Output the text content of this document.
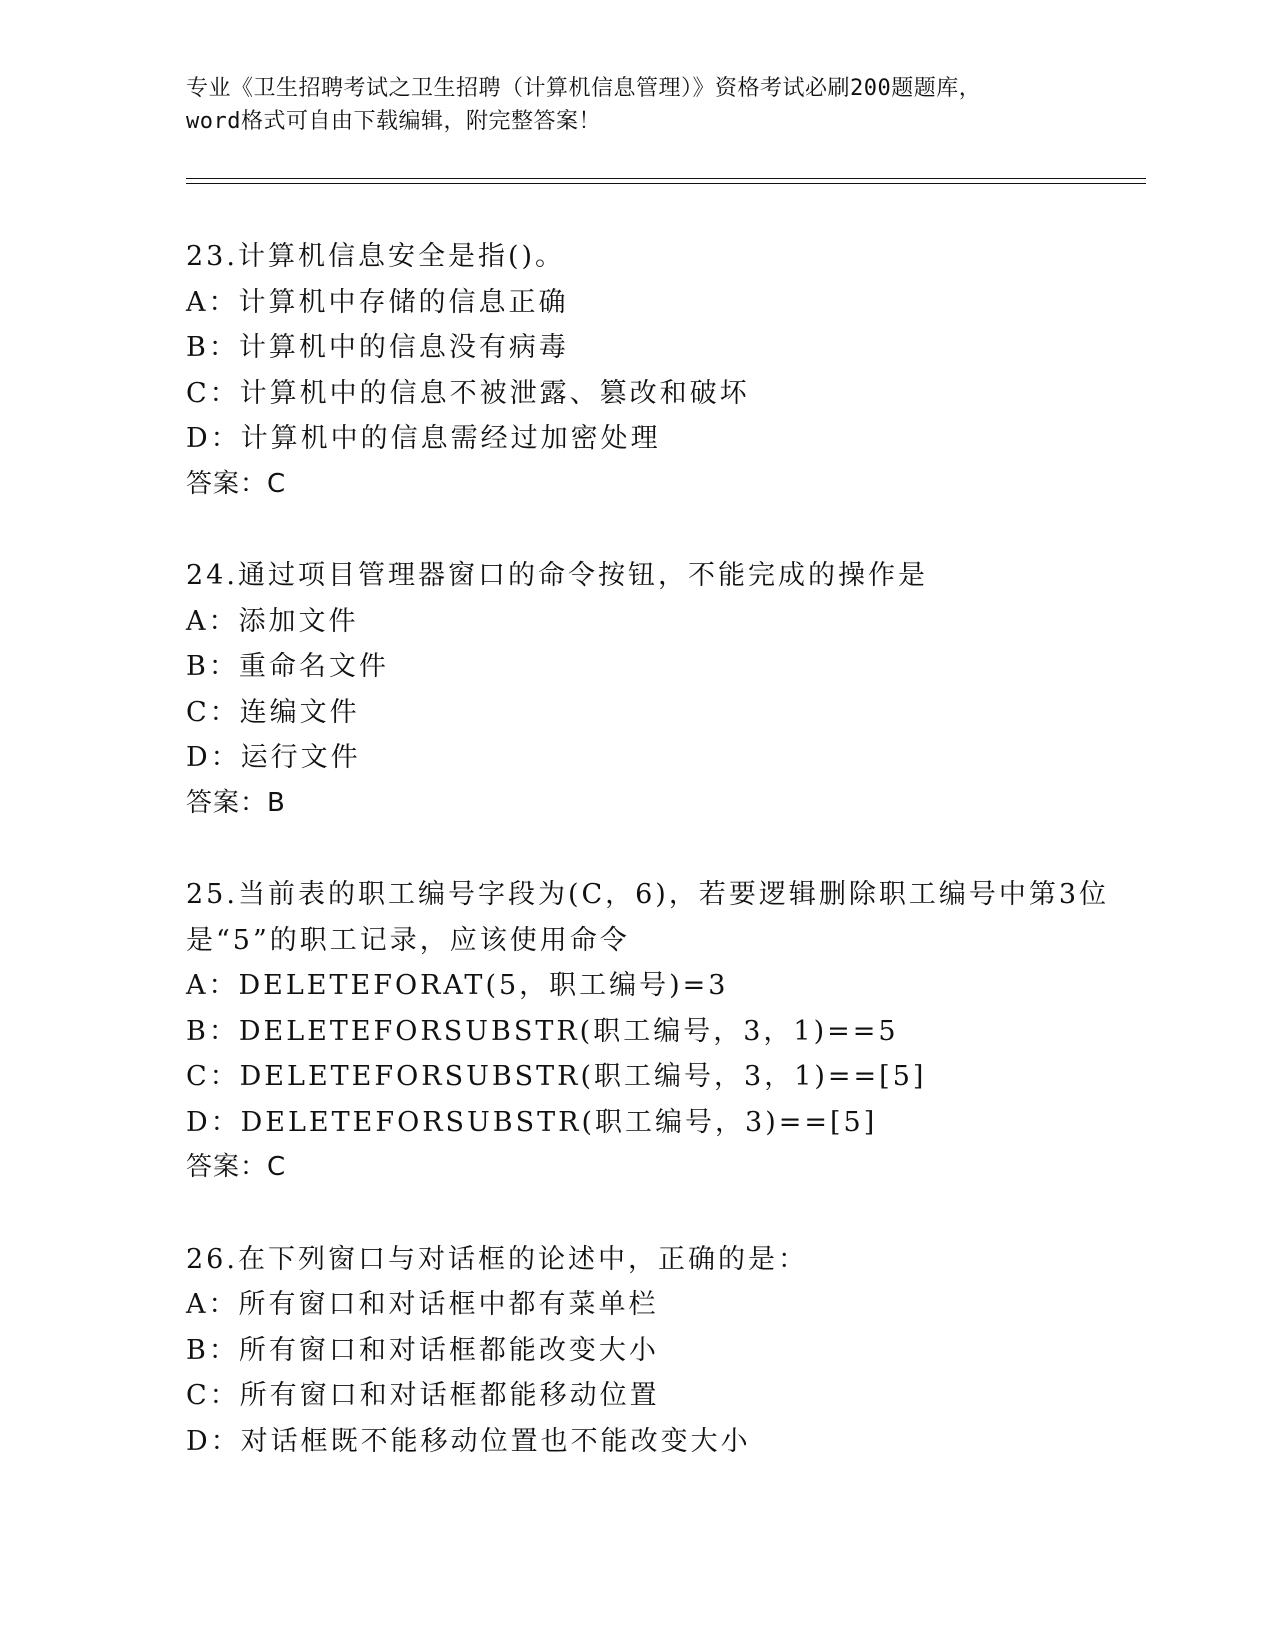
专业《卫生招聘考试之卫生招聘（计算机信息管理）》资格考试必刷200题题库，
word格式可自由下载编辑，附完整答案！
23.计算机信息安全是指()。
A：计算机中存储的信息正确
B：计算机中的信息没有病毒
C：计算机中的信息不被泄露、篡改和破坏
D：计算机中的信息需经过加密处理
答案：C
24.通过项目管理器窗口的命令按钮，不能完成的操作是
A：添加文件
B：重命名文件
C：连编文件
D：运行文件
答案：B
25.当前表的职工编号字段为(C，6)，若要逻辑删除职工编号中第3位
是“5”的职工记录，应该使用命令
A：DELETEFORAT(5，职工编号)=3
B：DELETEFORSUBSTR(职工编号，3，1)==5
C：DELETEFORSUBSTR(职工编号，3，1)==[5]
D：DELETEFORSUBSTR(职工编号，3)==[5]
答案：C
26.在下列窗口与对话框的论述中，正确的是：
A：所有窗口和对话框中都有菜单栏
B：所有窗口和对话框都能改变大小
C：所有窗口和对话框都能移动位置
D：对话框既不能移动位置也不能改变大小
